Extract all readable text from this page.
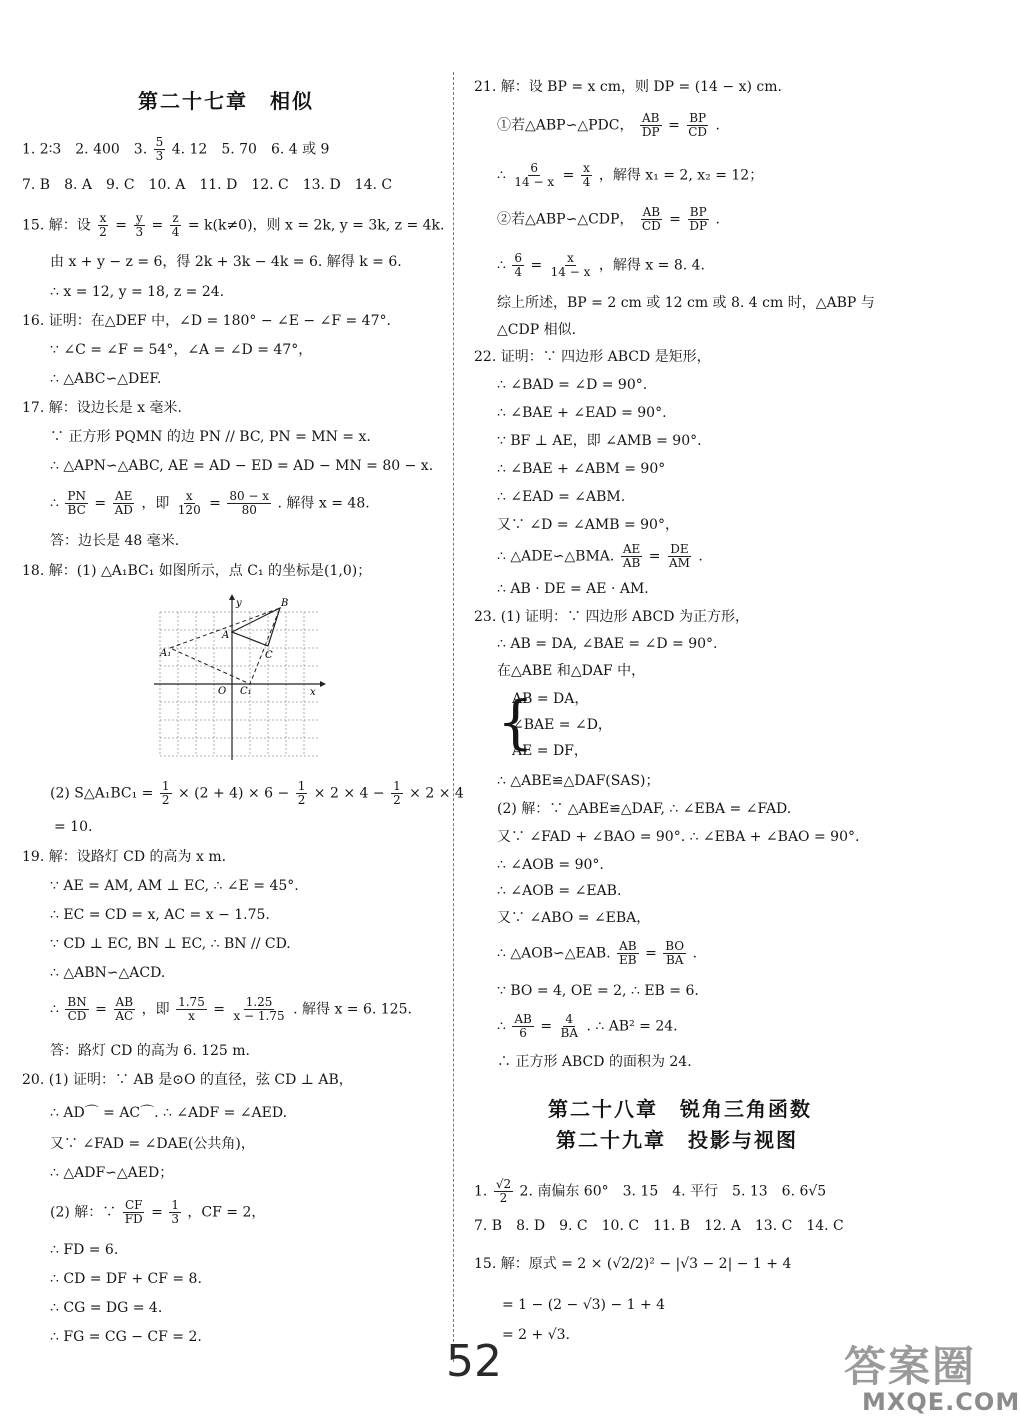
第二十七章　相似
1. 2∶3　2. 400　3. $\frac{5}{3} 4$. 12　5. 70　6. 4 或 9
7. B　8. A　9. C　10. A　11. D　12. C　13. D　14. C
15. 解：设 $\frac{x}{2} = \frac{y}{3} = \frac{z}{4} = k(k\ne 0)$，则 x = 2k, y = 3k, z = 4k.
由 x + y − z = 6，得 2k + 3k − 4k = 6. 解得 k = 6.
∴ x = 12, y = 18, z = 24.
16. 证明：在△DEF 中，∠D = 180° − ∠E − ∠F = 47°.
∵ ∠C = ∠F = 54°，∠A = ∠D = 47°，
∴ △ABC∽△DEF.
17. 解：设边长是 x 毫米.
∵ 正方形 PQMN 的边 PN // BC, PN = MN = x.
∴ △APN∽△ABC, AE = AD − ED = AD − MN = 80 − x.
∴ $\frac{PN}{BC} = \frac{AE}{AD}$ ，即 $\frac{x}{120} = \frac{80 - x}{80}$ . 解得 x = 48.
答：边长是 48 毫米.
18. 解：(1) △A₁BC₁ 如图所示，点 C₁ 的坐标是(1,0)；
x
y
O
A
B
C
A₁
C₁
(2) S△A₁BC₁ = $\frac{1}{2} \times (2 + 4) \times 6 - \frac{1}{2} \times 2 \times 4 - \frac{1}{2} \times 2 \times 4$
= 10.
19. 解：设路灯 CD 的高为 x m.
∵ AE = AM, AM ⊥ EC, ∴ ∠E = 45°.
∴ EC = CD = x, AC = x − 1.75.
∵ CD ⊥ EC, BN ⊥ EC, ∴ BN // CD.
∴ △ABN∽△ACD.
∴ $\frac{BN}{CD} = \frac{AB}{AC}$ ，即 $\frac{1.75}{x} = \frac{1.25}{x - 1.75}$ . 解得 x = 6. 125.
答：路灯 CD 的高为 6. 125 m.
20. (1) 证明：∵ AB 是⊙O 的直径，弦 CD ⊥ AB，
∴ AD⌒ = AC⌒. ∴ ∠ADF = ∠AED.
又∵ ∠FAD = ∠DAE(公共角)，
∴ △ADF∽△AED；
(2) 解：∵ $\frac{CF}{FD} = \frac{1}{3}$ ，CF = 2，
∴ FD = 6.
∴ CD = DF + CF = 8.
∴ CG = DG = 4.
∴ FG = CG − CF = 2.
21. 解：设 BP = x cm，则 DP = (14 − x) cm.
①若△ABP∽△PDC， $\frac{AB}{DP} = \frac{BP}{CD}$ .
∴ $\frac{6}{14 - x} = \frac{x}{4}$ ，解得 x₁ = 2, x₂ = 12；
②若△ABP∽△CDP， $\frac{AB}{CD} = \frac{BP}{DP}$ .
∴ $\frac{6}{4} = \frac{x}{14 - x}$ ，解得 x = 8. 4.
综上所述，BP = 2 cm 或 12 cm 或 8. 4 cm 时，△ABP 与
△CDP 相似.
22. 证明：∵ 四边形 ABCD 是矩形，
∴ ∠BAD = ∠D = 90°.
∴ ∠BAE + ∠EAD = 90°.
∵ BF ⊥ AE，即 ∠AMB = 90°.
∴ ∠BAE + ∠ABM = 90°
∴ ∠EAD = ∠ABM.
又∵ ∠D = ∠AMB = 90°，
∴ △ADE∽△BMA. $\frac{AE}{AB} = \frac{DE}{AM}$ .
∴ AB · DE = AE · AM.
23. (1) 证明：∵ 四边形 ABCD 为正方形，
∴ AB = DA, ∠BAE = ∠D = 90°.
在△ABE 和△DAF 中，
{
AB = DA，
∠BAE = ∠D，
AE = DF，
∴ △ABE≌△DAF(SAS)；
(2) 解：∵ △ABE≌△DAF, ∴ ∠EBA = ∠FAD.
又∵ ∠FAD + ∠BAO = 90°. ∴ ∠EBA + ∠BAO = 90°.
∴ ∠AOB = 90°.
∴ ∠AOB = ∠EAB.
又∵ ∠ABO = ∠EBA，
∴ △AOB∽△EAB. $\frac{AB}{EB} = \frac{BO}{BA}$ .
∵ BO = 4, OE = 2, ∴ EB = 6.
∴ $\frac{AB}{6} = \frac{4}{BA}$ . ∴ AB² = 24.
∴ 正方形 ABCD 的面积为 24.
第二十八章　锐角三角函数
第二十九章　投影与视图
1. $\frac{√2}{2} 2$. 南偏东 60°　3. 15　4. 平行　5. 13　6. 6√5
7. B　8. D　9. C　10. C　11. B　12. A　13. C　14. C
15. 解：原式 = 2 × (√2/2)² − |√3 − 2| − 1 + 4
= 1 − (2 − √3) − 1 + 4
= 2 + √3.
52	答案圈
MXQE.COM
